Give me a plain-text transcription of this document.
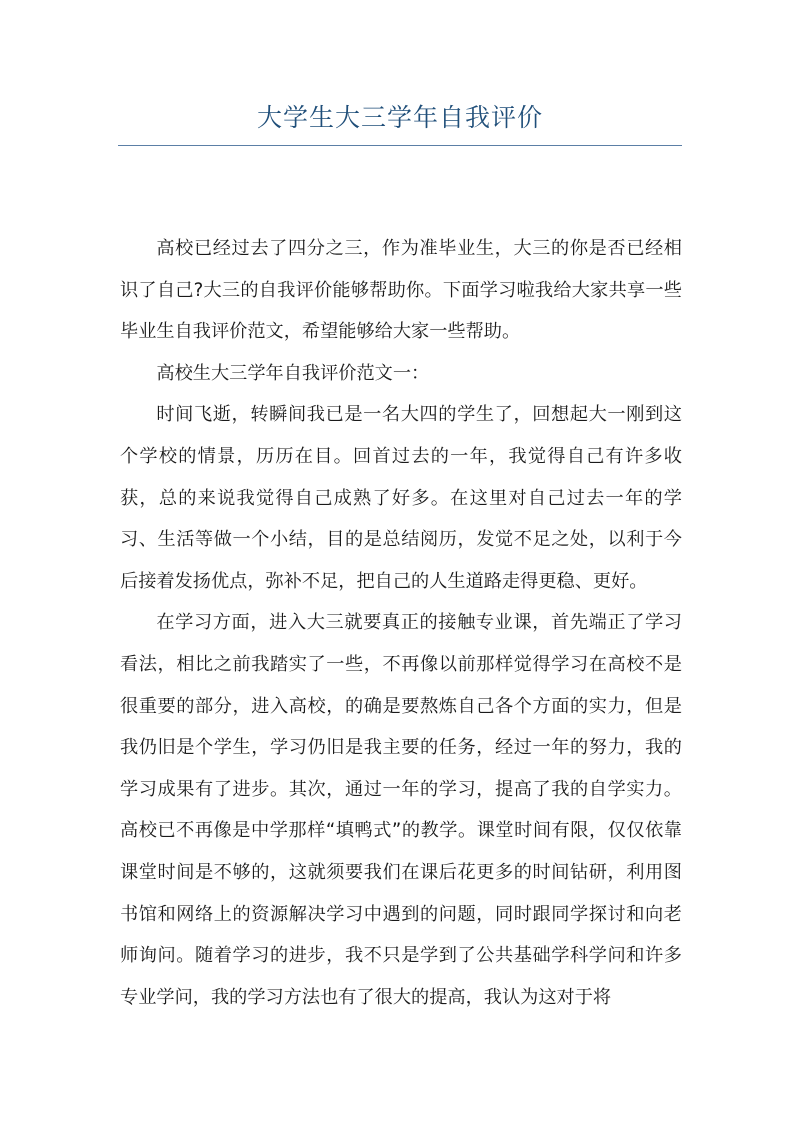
大学生大三学年自我评价

高校已经过去了四分之三，作为准毕业生，大三的你是否已经相识了自己?大三的自我评价能够帮助你。下面学习啦我给大家共享一些毕业生自我评价范文，希望能够给大家一些帮助。

高校生大三学年自我评价范文一：

时间飞逝，转瞬间我已是一名大四的学生了，回想起大一刚到这个学校的情景，历历在目。回首过去的一年，我觉得自己有许多收获，总的来说我觉得自己成熟了好多。在这里对自己过去一年的学习、生活等做一个小结，目的是总结阅历，发觉不足之处，以利于今后接着发扬优点，弥补不足，把自己的人生道路走得更稳、更好。

在学习方面，进入大三就要真正的接触专业课，首先端正了学习看法，相比之前我踏实了一些，不再像以前那样觉得学习在高校不是很重要的部分，进入高校，的确是要熬炼自己各个方面的实力，但是我仍旧是个学生，学习仍旧是我主要的任务，经过一年的努力，我的学习成果有了进步。其次，通过一年的学习，提高了我的自学实力。高校已不再像是中学那样“填鸭式”的教学。课堂时间有限，仅仅依靠课堂时间是不够的，这就须要我们在课后花更多的时间钻研，利用图书馆和网络上的资源解决学习中遇到的问题，同时跟同学探讨和向老师询问。随着学习的进步，我不只是学到了公共基础学科学问和许多专业学问，我的学习方法也有了很大的提高，我认为这对于将
